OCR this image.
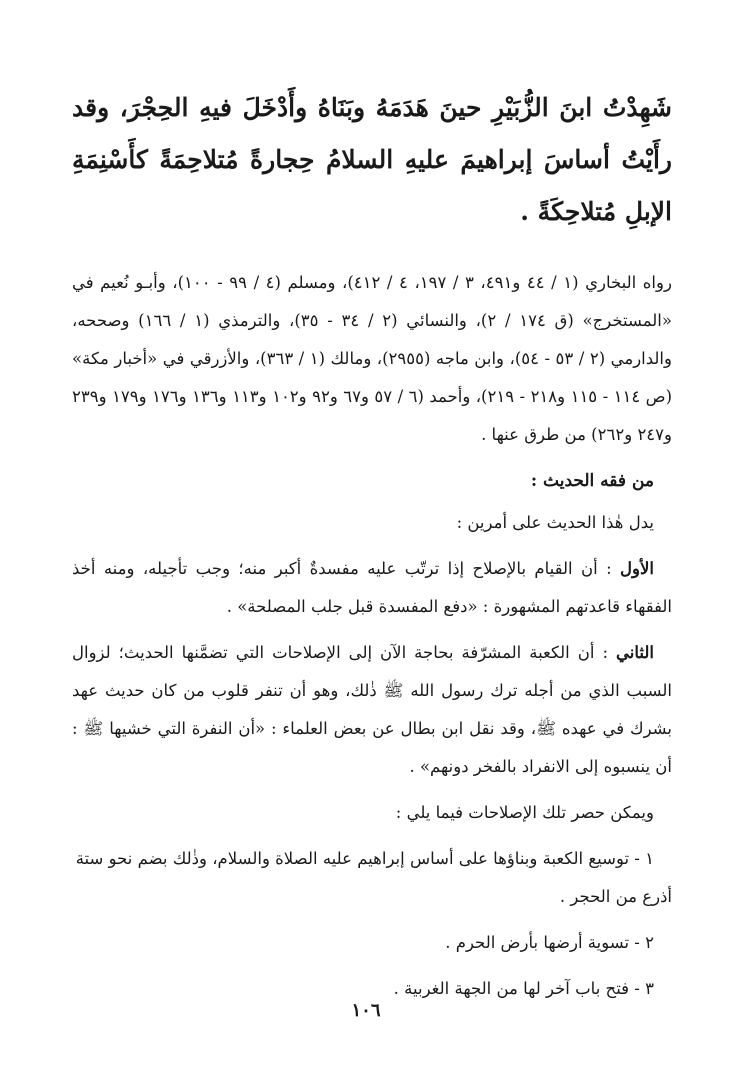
شَهِدْتُ ابنَ الزُّبَيْرِ حينَ هَدَمَهُ وبَنَاهُ وأَدْخَلَ فيهِ الحِجْرَ، وقد رأَيْتُ أساسَ إبراهيمَ عليهِ السلامُ حِجارةً مُتلاحِمَةً كأَسْنِمَةِ الإبلِ مُتلاحِكَةً .

رواه البخاري (١ / ٤٤ و٤٩١، ٣ / ١٩٧، ٤ / ٤١٢)، ومسلم (٤ / ٩٩ - ١٠٠)، وأبـو نُعيم في «المستخرج» (ق ١٧٤ / ٢)، والنسائي (٢ / ٣٤ - ٣٥)، والترمذي (١ / ١٦٦) وصححه، والدارمي (٢ / ٥٣ - ٥٤)، وابن ماجه (٢٩٥٥)، ومالك (١ / ٣٦٣)، والأزرقي في «أخبار مكة» (ص ١١٤ - ١١٥ و٢١٨ - ٢١٩)، وأحمد (٦ / ٥٧ و٦٧ و٩٢ و١٠٢ و١١٣ و١٣٦ و١٧٦ و١٧٩ و٢٣٩ و٢٤٧ و٢٦٢) من طرق عنها .

من فقه الحديث :

يدل هٰذا الحديث على أمرين :

الأول : أن القيام بالإصلاح إذا ترتّب عليه مفسدةٌ أكبر منه؛ وجب تأجيله، ومنه أخذ الفقهاء قاعدتهم المشهورة : «دفع المفسدة قبل جلب المصلحة» .

الثاني : أن الكعبة المشرّفة بحاجة الآن إلى الإصلاحات التي تضمَّنها الحديث؛ لزوال السبب الذي من أجله ترك رسول الله ﷺ ذٰلك، وهو أن تنفر قلوب من كان حديث عهد بشرك في عهده ﷺ، وقد نقل ابن بطال عن بعض العلماء : «أن النفرة التي خشيها ﷺ : أن ينسبوه إلى الانفراد بالفخر دونهم» .

ويمكن حصر تلك الإصلاحات فيما يلي :

١ - توسيع الكعبة وبناؤها على أساس إبراهيم عليه الصلاة والسلام، وذٰلك بضم نحو ستة أذرع من الحجر .

٢ - تسوية أرضها بأرض الحرم .

٣ - فتح باب آخر لها من الجهة الغربية .

١٠٦
